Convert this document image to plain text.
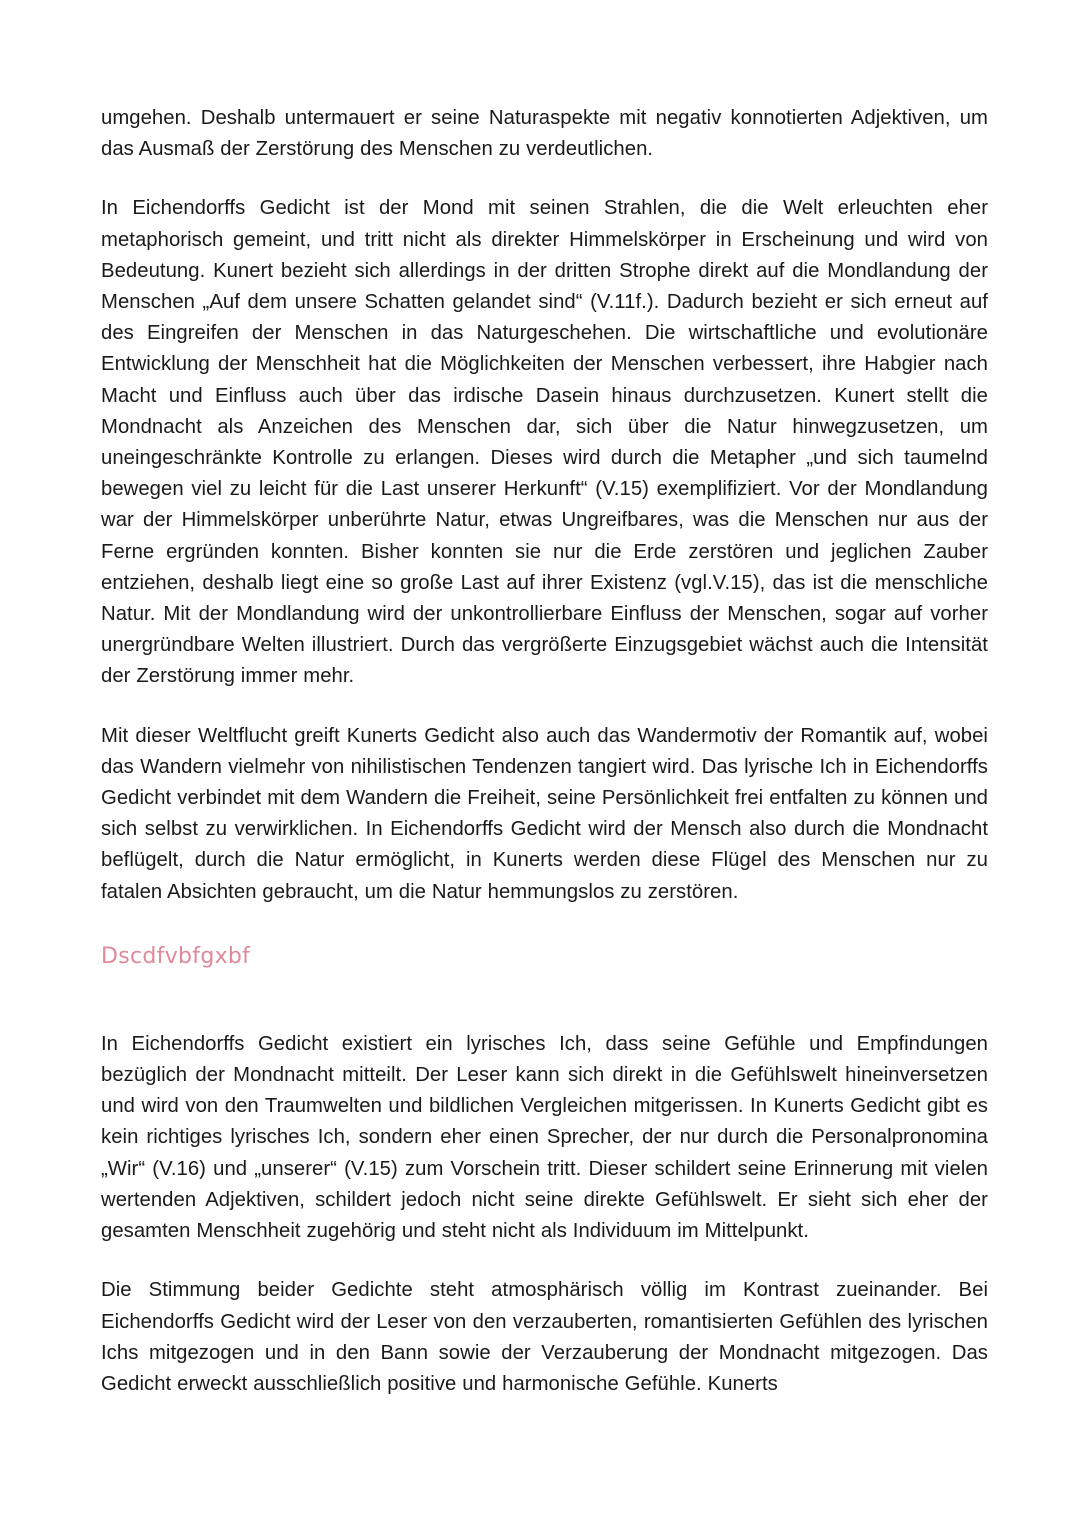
umgehen. Deshalb untermauert er seine Naturaspekte mit negativ konnotierten Adjektiven, um das Ausmaß der Zerstörung des Menschen zu verdeutlichen.

In Eichendorffs Gedicht ist der Mond mit seinen Strahlen, die die Welt erleuchten eher metaphorisch gemeint, und tritt nicht als direkter Himmelskörper in Erscheinung und wird von Bedeutung. Kunert bezieht sich allerdings in der dritten Strophe direkt auf die Mondlandung der Menschen „Auf dem unsere Schatten gelandet sind“ (V.11f.). Dadurch bezieht er sich erneut auf des Eingreifen der Menschen in das Naturgeschehen. Die wirtschaftliche und evolutionäre Entwicklung der Menschheit hat die Möglichkeiten der Menschen verbessert, ihre Habgier nach Macht und Einfluss auch über das irdische Dasein hinaus durchzusetzen. Kunert stellt die Mondnacht als Anzeichen des Menschen dar, sich über die Natur hinwegzusetzen, um uneingeschränkte Kontrolle zu erlangen. Dieses wird durch die Metapher „und sich taumelnd bewegen viel zu leicht für die Last unserer Herkunft“ (V.15) exemplifiziert. Vor der Mondlandung war der Himmelskörper unberührte Natur, etwas Ungreifbares, was die Menschen nur aus der Ferne ergründen konnten. Bisher konnten sie nur die Erde zerstören und jeglichen Zauber entziehen, deshalb liegt eine so große Last auf ihrer Existenz (vgl.V.15), das ist die menschliche Natur. Mit der Mondlandung wird der unkontrollierbare Einfluss der Menschen, sogar auf vorher unergründbare Welten illustriert. Durch das vergrößerte Einzugsgebiet wächst auch die Intensität der Zerstörung immer mehr.

Mit dieser Weltflucht greift Kunerts Gedicht also auch das Wandermotiv der Romantik auf, wobei das Wandern vielmehr von nihilistischen Tendenzen tangiert wird. Das lyrische Ich in Eichendorffs Gedicht verbindet mit dem Wandern die Freiheit, seine Persönlichkeit frei entfalten zu können und sich selbst zu verwirklichen. In Eichendorffs Gedicht wird der Mensch also durch die Mondnacht beflügelt, durch die Natur ermöglicht, in Kunerts werden diese Flügel des Menschen nur zu fatalen Absichten gebraucht, um die Natur hemmungslos zu zerstören.

Dscdfvbfgxbf

In Eichendorffs Gedicht existiert ein lyrisches Ich, dass seine Gefühle und Empfindungen bezüglich der Mondnacht mitteilt. Der Leser kann sich direkt in die Gefühlswelt hineinversetzen und wird von den Traumwelten und bildlichen Vergleichen mitgerissen. In Kunerts Gedicht gibt es kein richtiges lyrisches Ich, sondern eher einen Sprecher, der nur durch die Personalpronomina „Wir“ (V.16) und „unserer“ (V.15) zum Vorschein tritt. Dieser schildert seine Erinnerung mit vielen wertenden Adjektiven, schildert jedoch nicht seine direkte Gefühlswelt. Er sieht sich eher der gesamten Menschheit zugehörig und steht nicht als Individuum im Mittelpunkt.

Die Stimmung beider Gedichte steht atmosphärisch völlig im Kontrast zueinander. Bei Eichendorffs Gedicht wird der Leser von den verzauberten, romantisierten Gefühlen des lyrischen Ichs mitgezogen und in den Bann sowie der Verzauberung der Mondnacht mitgezogen. Das Gedicht erweckt ausschließlich positive und harmonische Gefühle. Kunerts
